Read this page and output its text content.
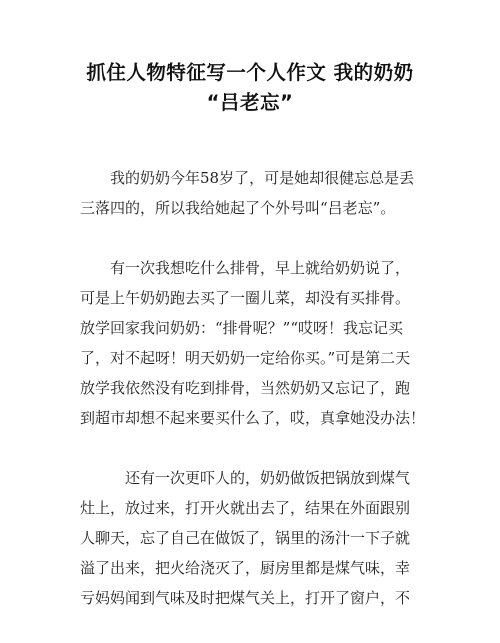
抓住人物特征写一个人作文 我的奶奶
“吕老忘”
我的奶奶今年58岁了，可是她却很健忘总是丢
三落四的，所以我给她起了个外号叫“吕老忘”。
有一次我想吃什么排骨，早上就给奶奶说了，
可是上午奶奶跑去买了一圈儿菜，却没有买排骨。
放学回家我问奶奶：“排骨呢？”“哎呀！我忘记买
了，对不起呀！明天奶奶一定给你买。”可是第二天
放学我依然没有吃到排骨，当然奶奶又忘记了，跑
到超市却想不起来要买什么了，哎，真拿她没办法！
还有一次更吓人的，奶奶做饭把锅放到煤气
灶上，放过来，打开火就出去了，结果在外面跟别
人聊天，忘了自己在做饭了，锅里的汤汁一下子就
溢了出来，把火给浇灭了，厨房里都是煤气味，幸
亏妈妈闻到气味及时把煤气关上，打开了窗户，不
